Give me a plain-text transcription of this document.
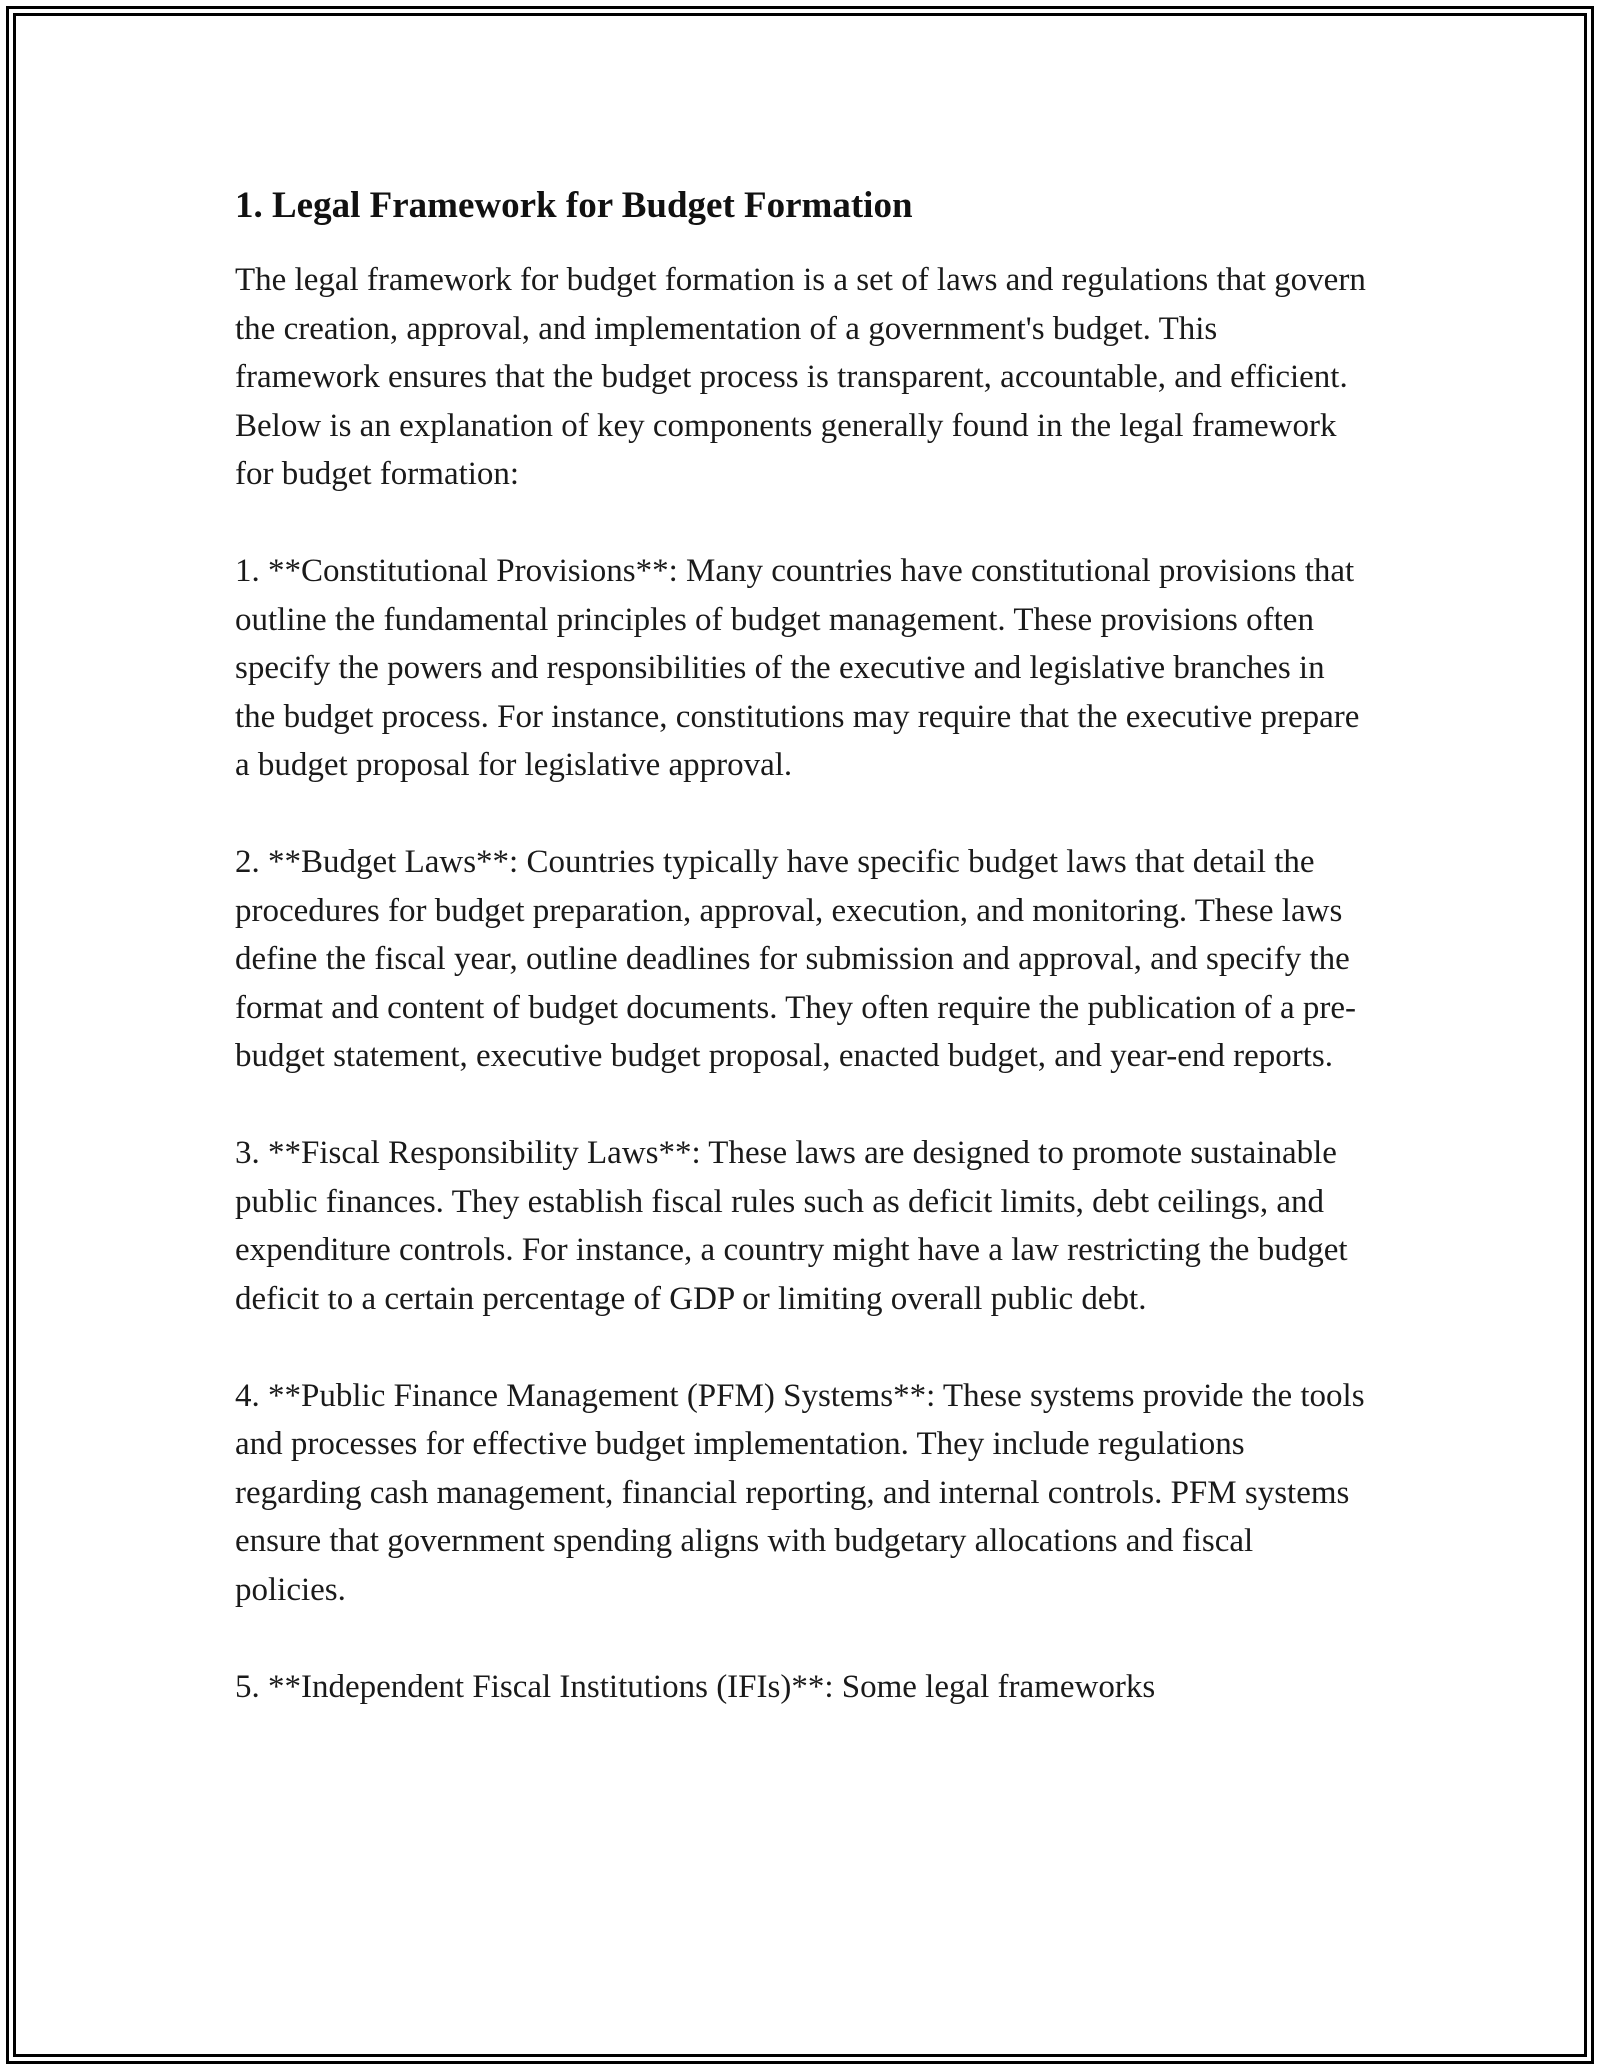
1. Legal Framework for Budget Formation

The legal framework for budget formation is a set of laws and regulations that govern the creation, approval, and implementation of a government's budget. This framework ensures that the budget process is transparent, accountable, and efficient. Below is an explanation of key components generally found in the legal framework for budget formation:

1. **Constitutional Provisions**: Many countries have constitutional provisions that outline the fundamental principles of budget management. These provisions often specify the powers and responsibilities of the executive and legislative branches in the budget process. For instance, constitutions may require that the executive prepare a budget proposal for legislative approval.

2. **Budget Laws**: Countries typically have specific budget laws that detail the procedures for budget preparation, approval, execution, and monitoring. These laws define the fiscal year, outline deadlines for submission and approval, and specify the format and content of budget documents. They often require the publication of a pre-budget statement, executive budget proposal, enacted budget, and year-end reports.

3. **Fiscal Responsibility Laws**: These laws are designed to promote sustainable public finances. They establish fiscal rules such as deficit limits, debt ceilings, and expenditure controls. For instance, a country might have a law restricting the budget deficit to a certain percentage of GDP or limiting overall public debt.

4. **Public Finance Management (PFM) Systems**: These systems provide the tools and processes for effective budget implementation. They include regulations regarding cash management, financial reporting, and internal controls. PFM systems ensure that government spending aligns with budgetary allocations and fiscal policies.

5. **Independent Fiscal Institutions (IFIs)**: Some legal frameworks
